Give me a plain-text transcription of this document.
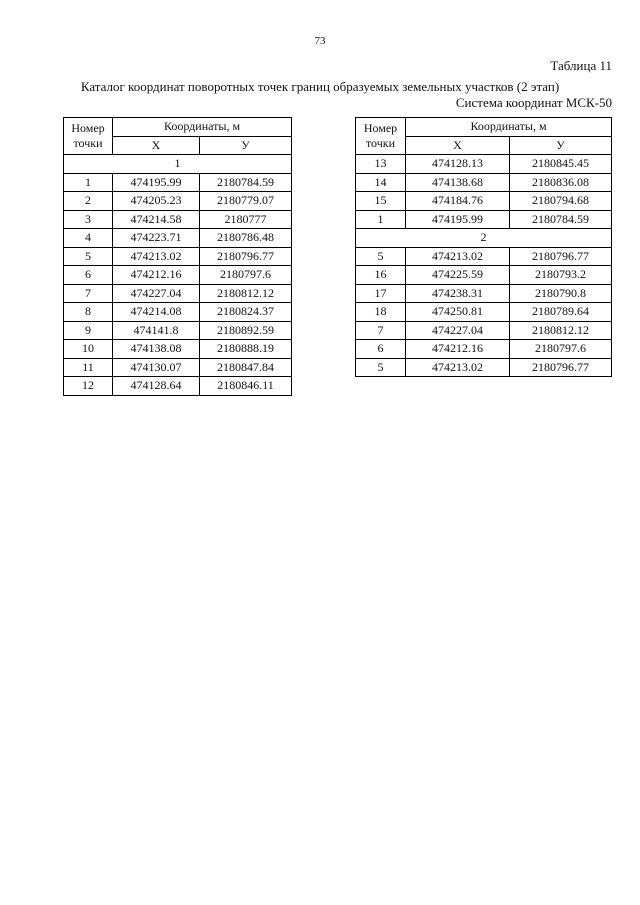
73
Таблица 11
Каталог координат поворотных точек границ образуемых земельных участков (2 этап)
Система координат МСК-50
Номер точки	Координаты, м	
	X	У
1		
1	474195.99	2180784.59
2	474205.23	2180779.07
3	474214.58	2180777
4	474223.71	2180786.48
5	474213.02	2180796.77
6	474212.16	2180797.6
7	474227.04	2180812.12
8	474214.08	2180824.37
9	474141.8	2180892.59
10	474138.08	2180888.19
11	474130.07	2180847.84
12	474128.64	2180846.11
Номер точки	Координаты, м	
	X	У
13	474128.13	2180845.45
14	474138.68	2180836.08
15	474184.76	2180794.68
1	474195.99	2180784.59
2		
5	474213.02	2180796.77
16	474225.59	2180793.2
17	474238.31	2180790.8
18	474250.81	2180789.64
7	474227.04	2180812.12
6	474212.16	2180797.6
5	474213.02	2180796.77
